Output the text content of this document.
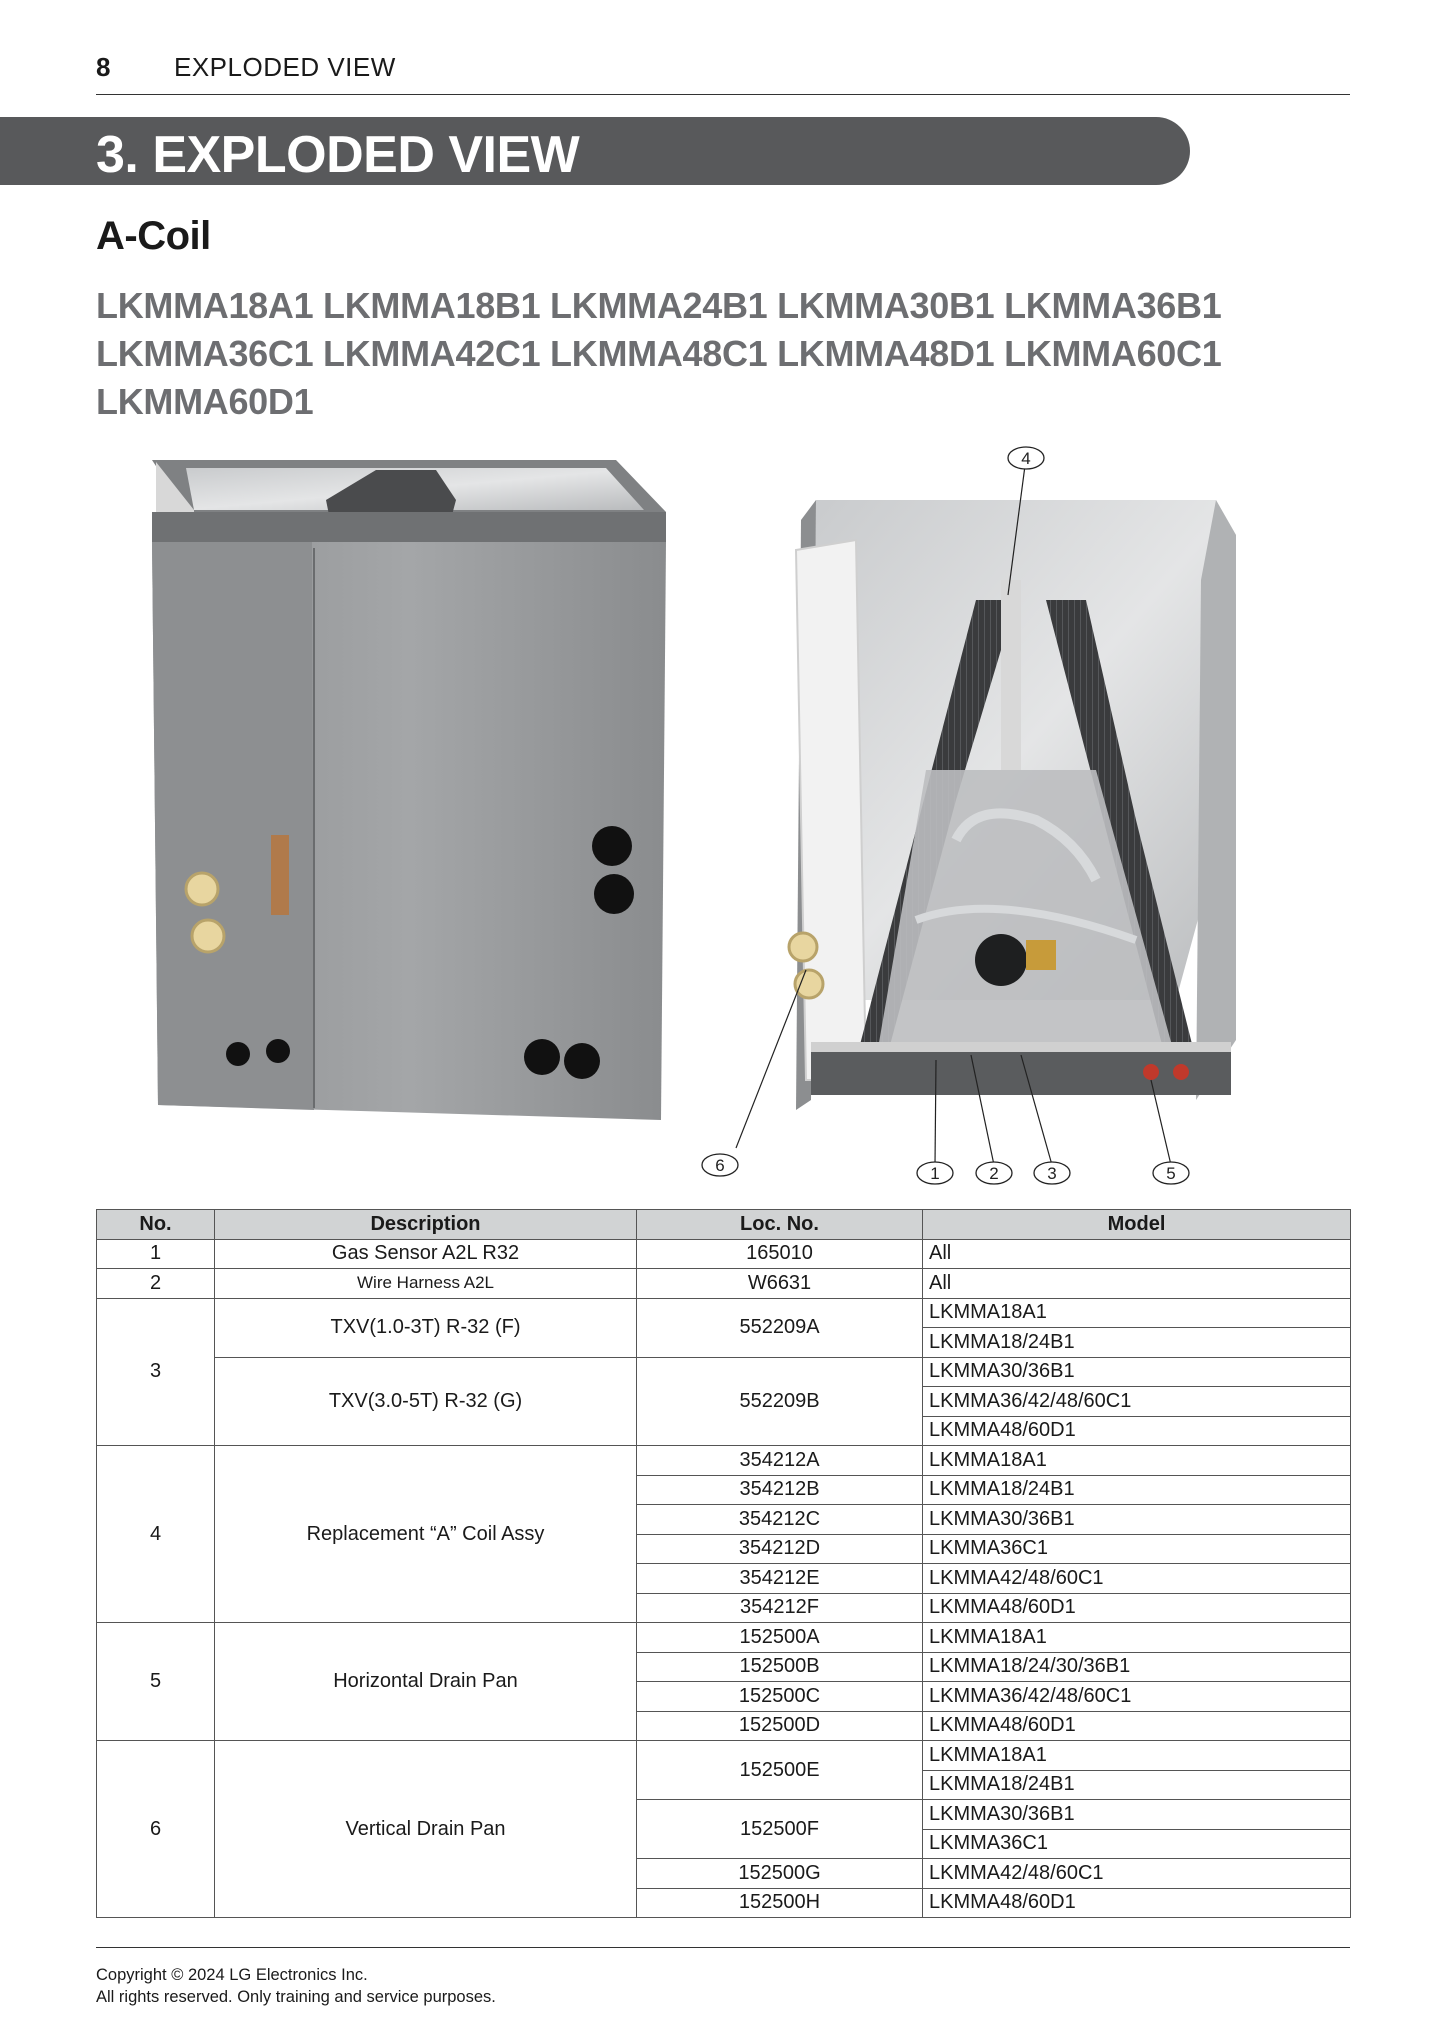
8 EXPLODED VIEW
3. EXPLODED VIEW
A-Coil
LKMMA18A1 LKMMA18B1 LKMMA24B1 LKMMA30B1 LKMMA36B1
LKMMA36C1 LKMMA42C1 LKMMA48C1 LKMMA48D1 LKMMA60C1
LKMMA60D1
4
6	1	2	3	5
No.	Description	Loc. No.	Model
1	Gas Sensor A2L R32	165010	All
2	Wire Harness A2L	W6631	All
3	TXV(1.0-3T) R-32 (F)	552209A	LKMMA18A1
			LKMMA18/24B1
	TXV(3.0-5T) R-32 (G)	552209B	LKMMA30/36B1
			LKMMA36/42/48/60C1
			LKMMA48/60D1
4	Replacement “A” Coil Assy	354212A	LKMMA18A1
		354212B	LKMMA18/24B1
		354212C	LKMMA30/36B1
		354212D	LKMMA36C1
		354212E	LKMMA42/48/60C1
		354212F	LKMMA48/60D1
5	Horizontal Drain Pan	152500A	LKMMA18A1
		152500B	LKMMA18/24/30/36B1
		152500C	LKMMA36/42/48/60C1
		152500D	LKMMA48/60D1
6	Vertical Drain Pan	152500E	LKMMA18A1
			LKMMA18/24B1
		152500F	LKMMA30/36B1
			LKMMA36C1
		152500G	LKMMA42/48/60C1
		152500H	LKMMA48/60D1
Copyright © 2024 LG Electronics Inc.
All rights reserved. Only training and service purposes.
